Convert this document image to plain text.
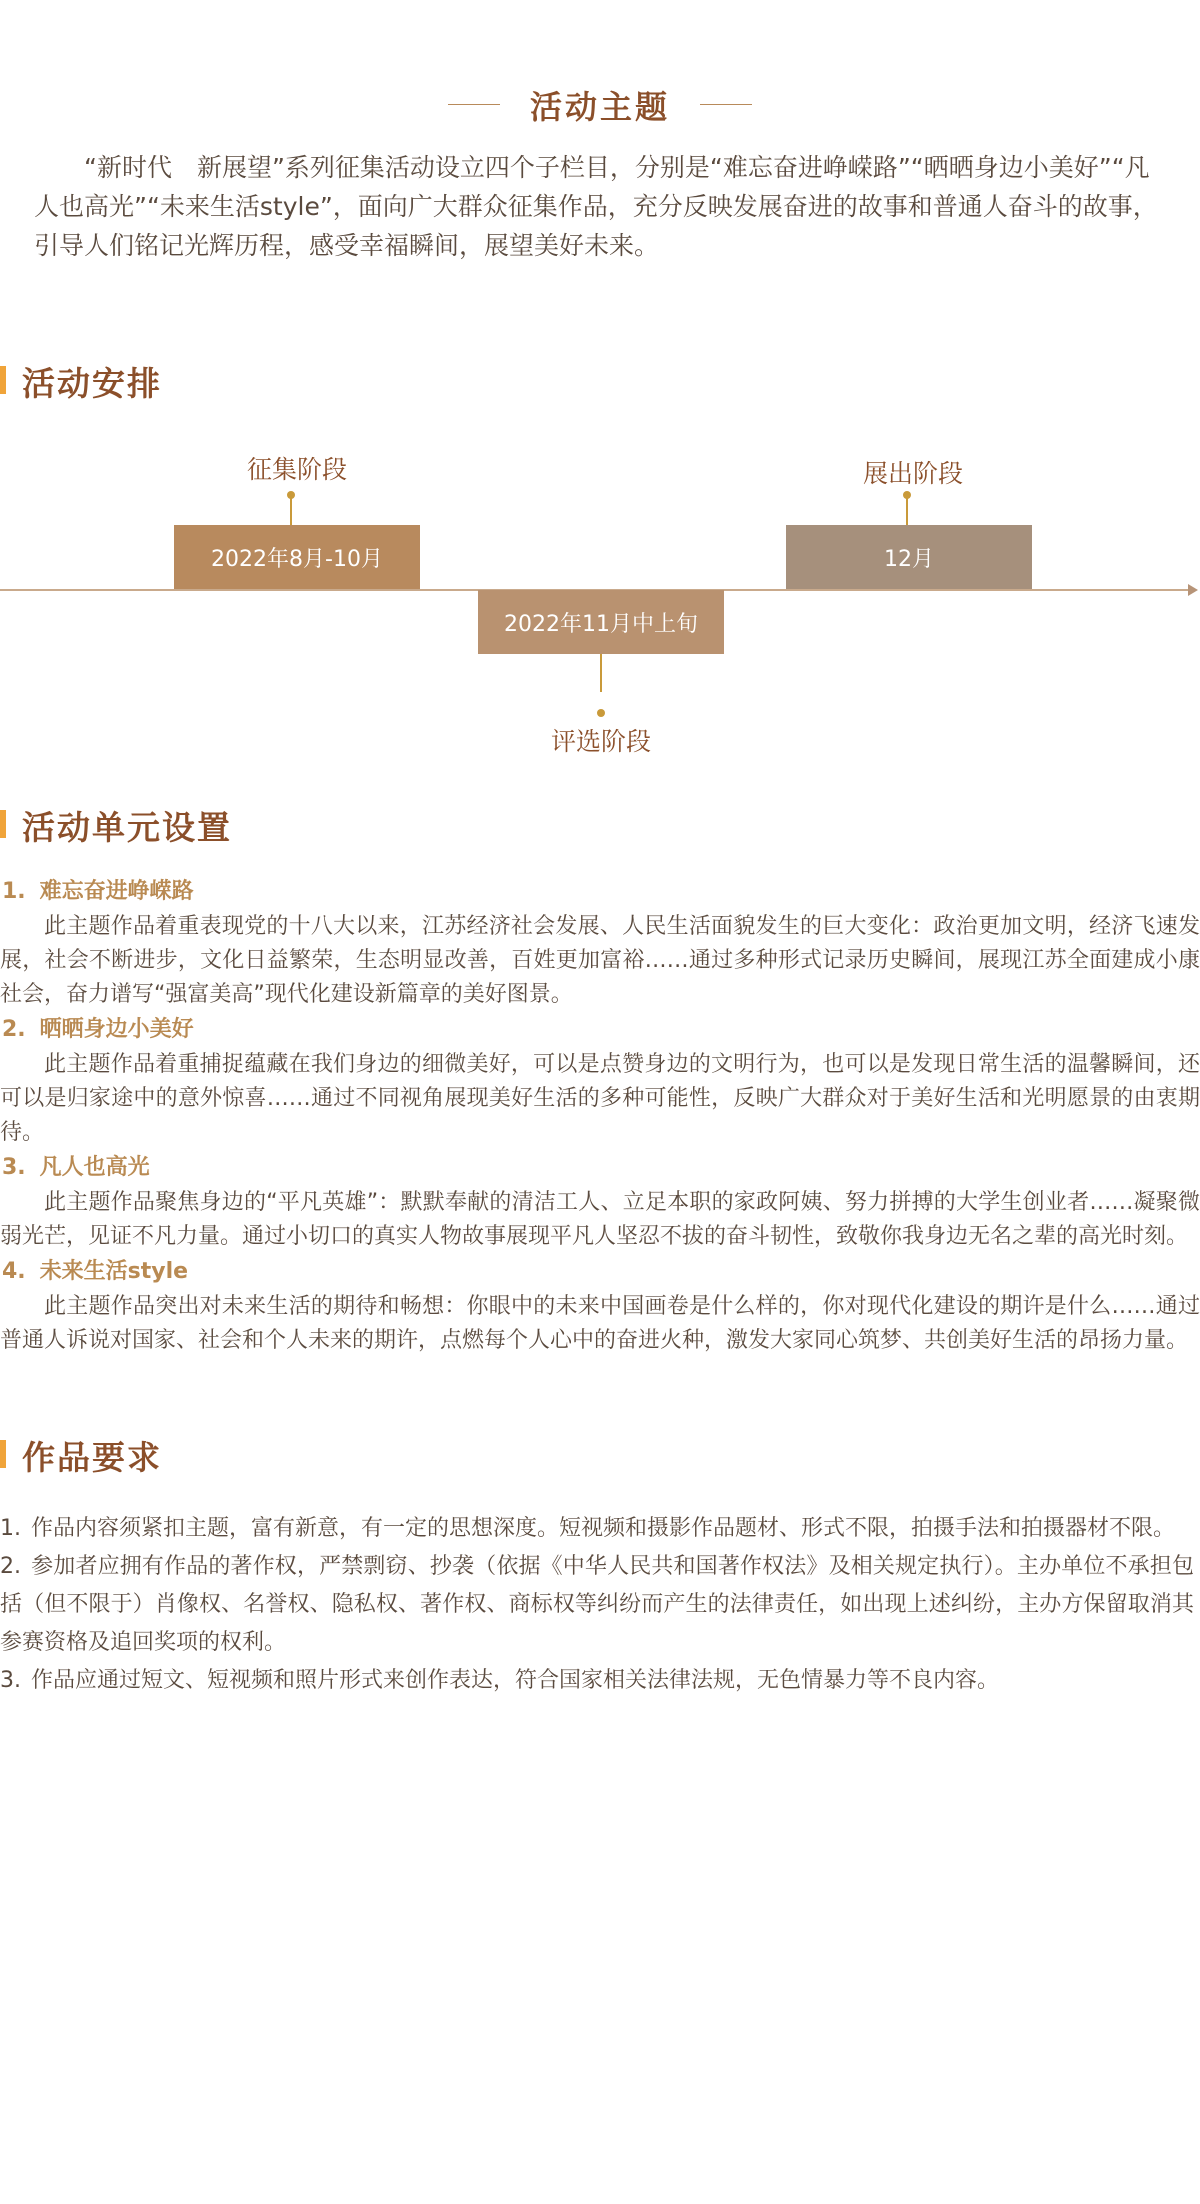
活动主题

“新时代　新展望”系列征集活动设立四个子栏目，分别是“难忘奋进峥嵘路”“晒晒身边小美好”“凡人也高光”“未来生活style”，面向广大群众征集作品，充分反映发展奋进的故事和普通人奋斗的故事，引导人们铭记光辉历程，感受幸福瞬间，展望美好未来。

活动安排
征集阶段
2022年8月-10月
2022年11月中上旬
评选阶段
展出阶段
12月
活动单元设置
1. 难忘奋进峥嵘路

此主题作品着重表现党的十八大以来，江苏经济社会发展、人民生活面貌发生的巨大变化：政治更加文明，经济飞速发展，社会不断进步，文化日益繁荣，生态明显改善，百姓更加富裕……通过多种形式记录历史瞬间，展现江苏全面建成小康社会，奋力谱写“强富美高”现代化建设新篇章的美好图景。

2. 晒晒身边小美好

此主题作品着重捕捉蕴藏在我们身边的细微美好，可以是点赞身边的文明行为，也可以是发现日常生活的温馨瞬间，还可以是归家途中的意外惊喜……通过不同视角展现美好生活的多种可能性，反映广大群众对于美好生活和光明愿景的由衷期待。

3. 凡人也高光

此主题作品聚焦身边的“平凡英雄”：默默奉献的清洁工人、立足本职的家政阿姨、努力拼搏的大学生创业者……凝聚微弱光芒，见证不凡力量。通过小切口的真实人物故事展现平凡人坚忍不拔的奋斗韧性，致敬你我身边无名之辈的高光时刻。

4. 未来生活style

此主题作品突出对未来生活的期待和畅想：你眼中的未来中国画卷是什么样的，你对现代化建设的期许是什么……通过普通人诉说对国家、社会和个人未来的期许，点燃每个人心中的奋进火种，激发大家同心筑梦、共创美好生活的昂扬力量。

作品要求
1. 作品内容须紧扣主题，富有新意，有一定的思想深度。短视频和摄影作品题材、形式不限，拍摄手法和拍摄器材不限。
2. 参加者应拥有作品的著作权，严禁剽窃、抄袭（依据《中华人民共和国著作权法》及相关规定执行）。主办单位不承担包括（但不限于）肖像权、名誉权、隐私权、著作权、商标权等纠纷而产生的法律责任，如出现上述纠纷，主办方保留取消其参赛资格及追回奖项的权利。
3. 作品应通过短文、短视频和照片形式来创作表达，符合国家相关法律法规，无色情暴力等不良内容。
